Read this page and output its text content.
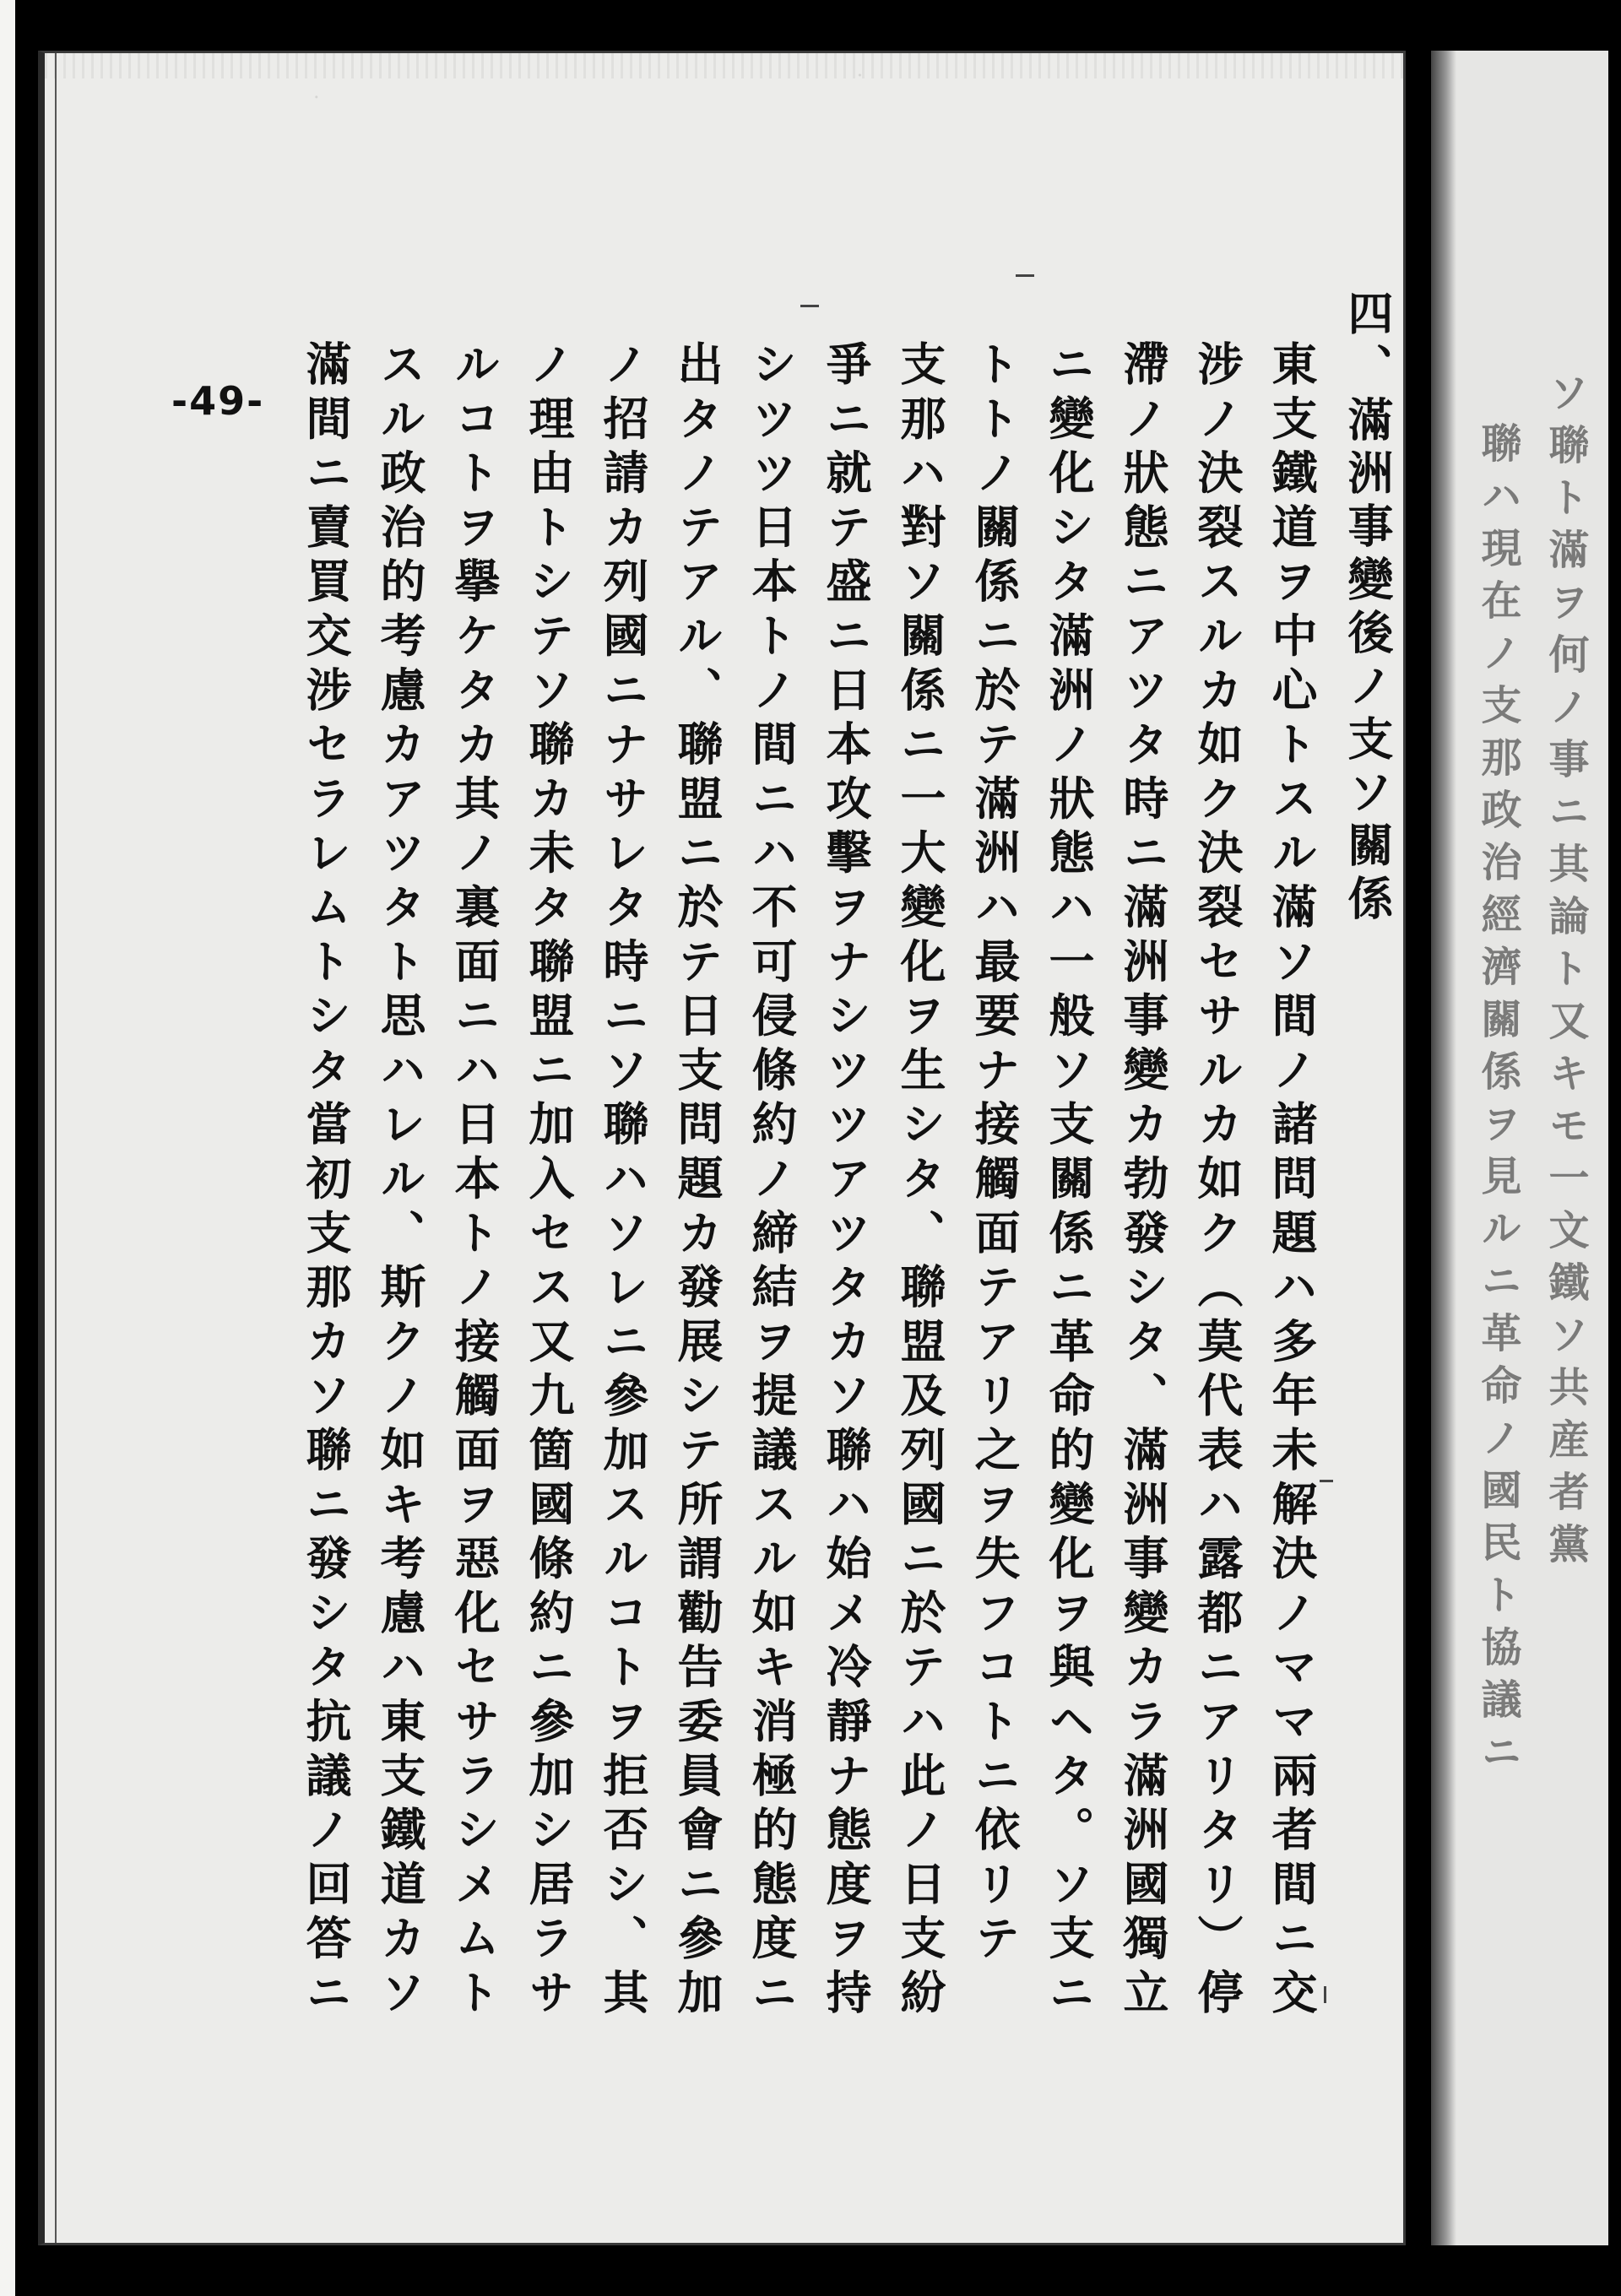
-49-	四、滿洲事變後ノ支ソ關係
東支鐵道ヲ中心トスル滿ソ間ノ諸問題ハ多年未解決ノママ兩者間ニ交
涉ノ決裂スルカ如ク決裂セサルカ如ク（莫代表ハ露都ニアリタリ）停
滯ノ狀態ニアツタ時ニ滿洲事變カ勃發シタ、滿洲事變カラ滿洲國獨立
ニ變化シタ滿洲ノ狀態ハ一般ソ支關係ニ革命的變化ヲ與ヘタ。ソ支ニ
トトノ關係ニ於テ滿洲ハ最要ナ接觸面テアリ之ヲ失フコトニ依リテ
支那ハ對ソ關係ニ一大變化ヲ生シタ、聯盟及列國ニ於テハ此ノ日支紛
爭ニ就テ盛ニ日本攻擊ヲナシツツアツタカソ聯ハ始メ冷靜ナ態度ヲ持
シツツ日本トノ間ニハ不可侵條約ノ締結ヲ提議スル如キ消極的態度ニ
出タノテアル、聯盟ニ於テ日支問題カ發展シテ所謂勸告委員會ニ參加
ノ招請カ列國ニナサレタ時ニソ聯ハソレニ參加スルコトヲ拒否シ、其
ノ理由トシテソ聯カ未タ聯盟ニ加入セス又九箇國條約ニ參加シ居ラサ
ルコトヲ擧ケタカ其ノ裏面ニハ日本トノ接觸面ヲ惡化セサラシメムト
スル政治的考慮カアツタト思ハレル、斯クノ如キ考慮ハ東支鐵道カソ
滿間ニ賣買交涉セラレムトシタ當初支那カソ聯ニ發シタ抗議ノ回答ニ	ソ聯ト滿ヲ何ノ事ニ其論ト又キモ一文鐵ソ共産者黨
聯ハ現在ノ支那政治經濟關係ヲ見ルニ革命ノ國民ト協議ニ
